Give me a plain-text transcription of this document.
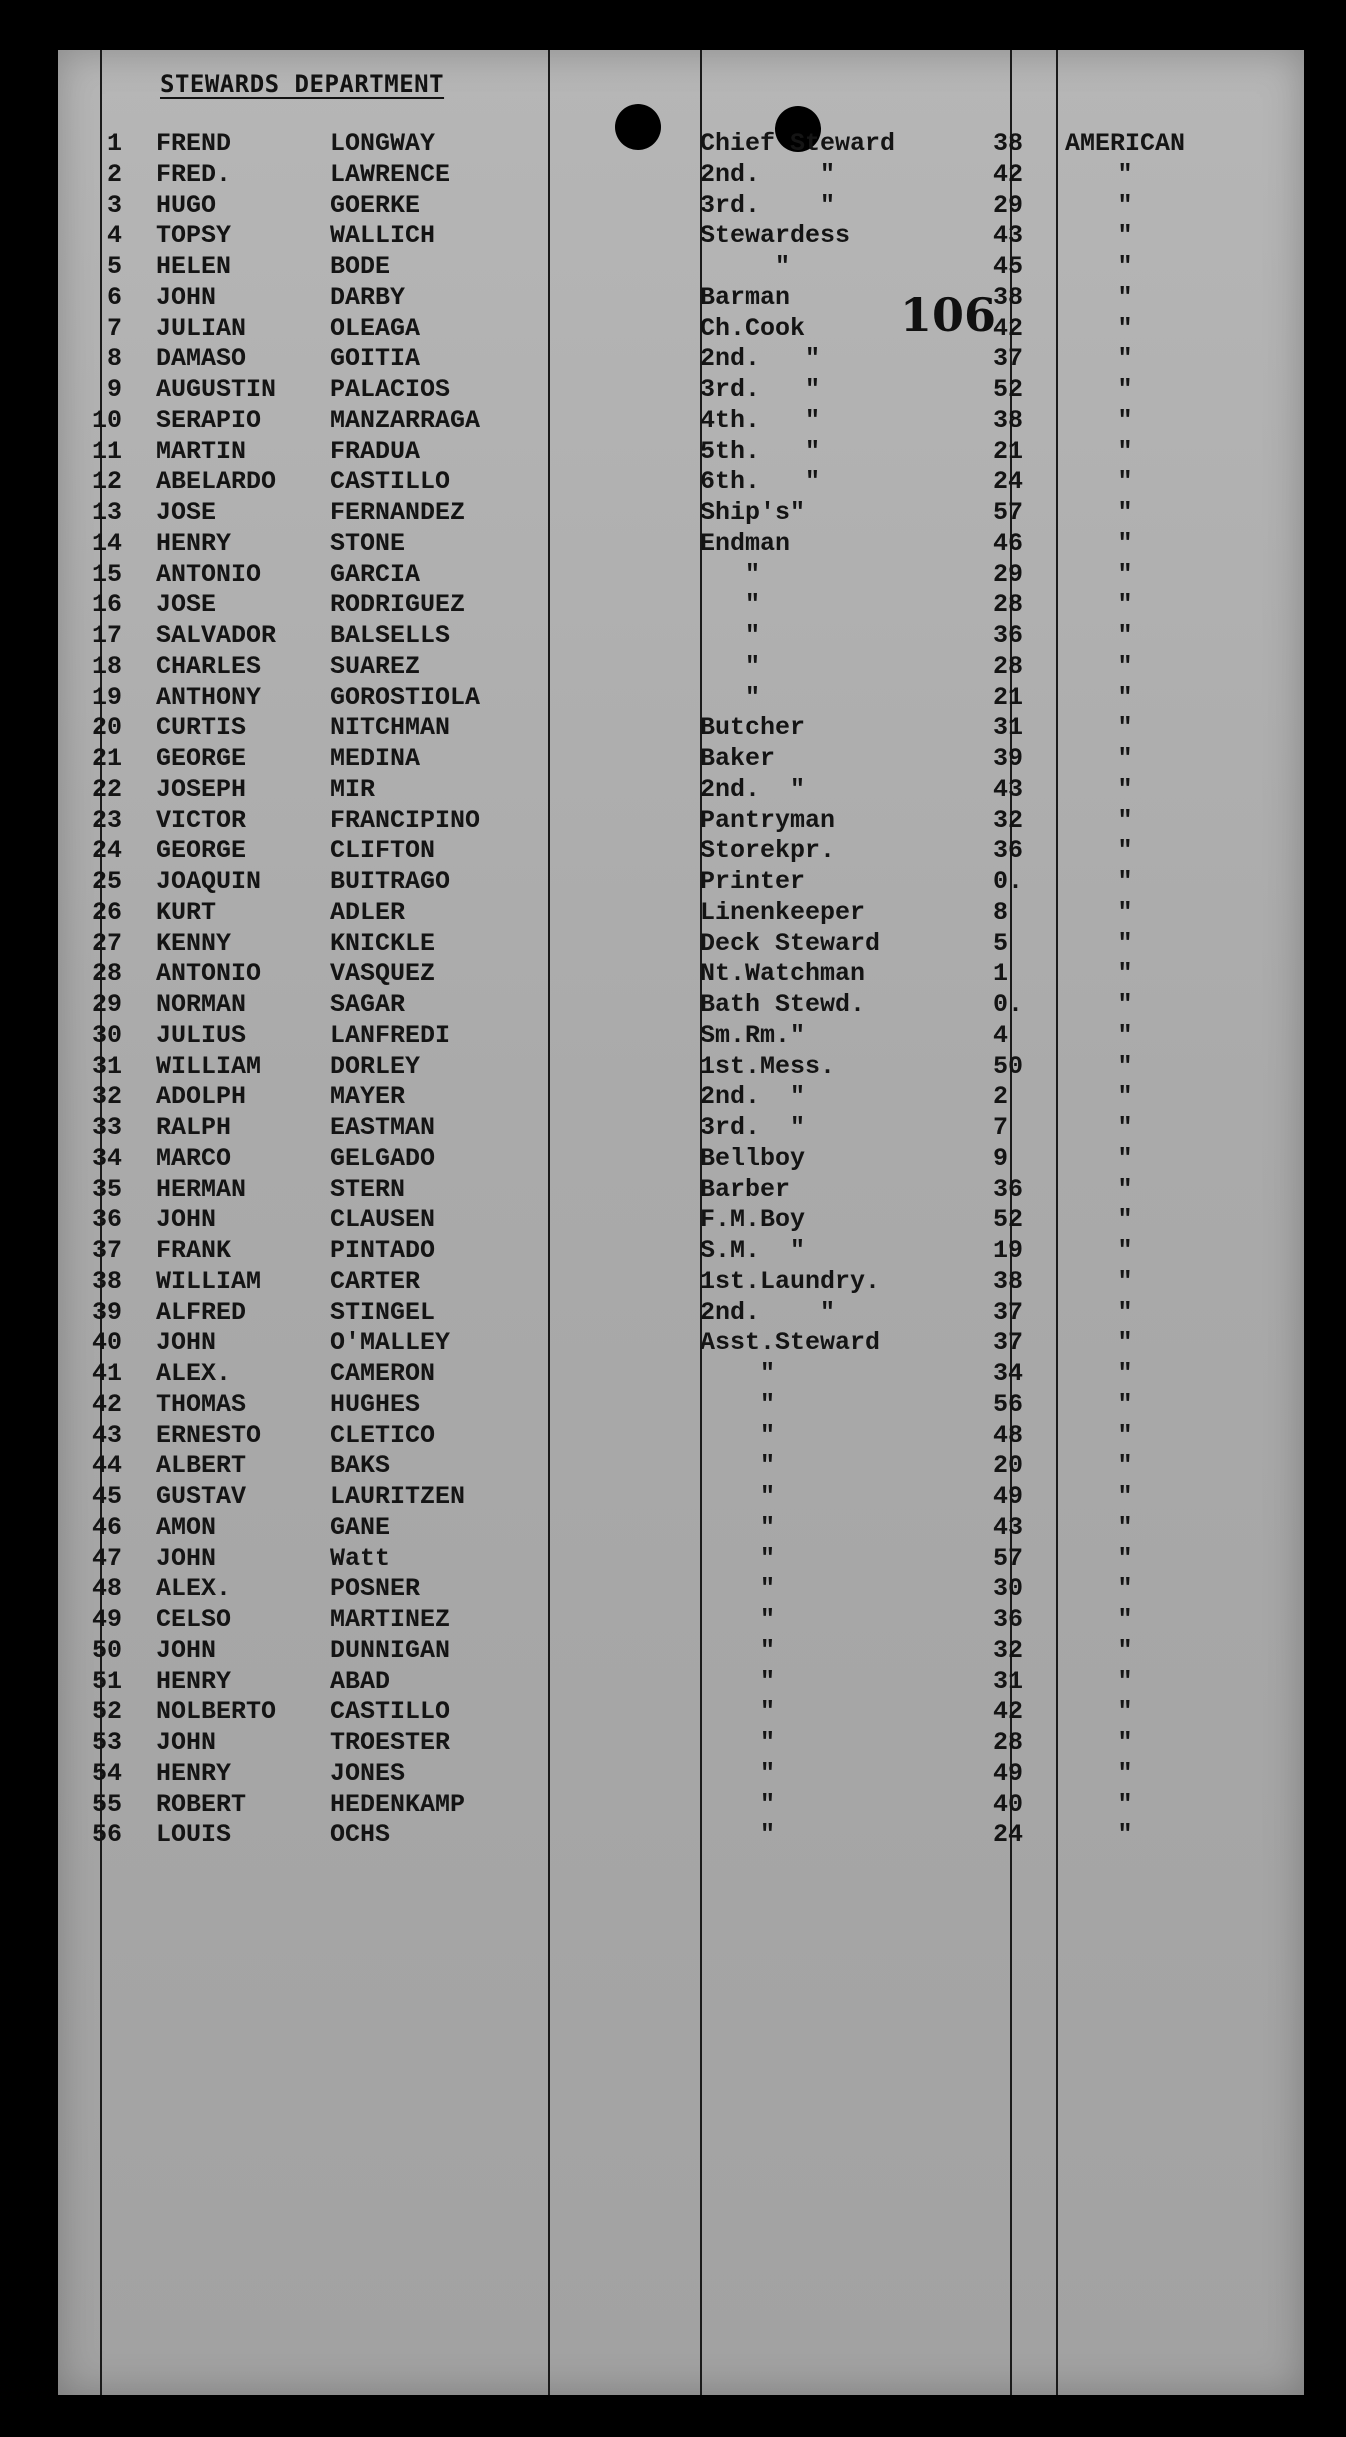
STEWARDS DEPARTMENT
106
1 FREND	LONGWAY	Chief Steward	38 AMERICAN
2 FRED.	LAWRENCE	2nd.    "	42	"
3 HUGO	GOERKE	3rd.    "	29	"
4 TOPSY	WALLICH	Stewardess	43	"
5 HELEN	BODE	"	45	"
6 JOHN	DARBY	Barman	38	"
7 JULIAN	OLEAGA	Ch.Cook	42	"
8 DAMASO	GOITIA	2nd.   "	37	"
9 AUGUSTIN PALACIOS	3rd.   "	52	"
10 SERAPIO	MANZARRAGA	4th.   "	38	"
11 MARTIN	FRADUA	5th.   "	21	"
12 ABELARDO CASTILLO	6th.   "	24	"
13 JOSE	FERNANDEZ	Ship's"	57	"
14 HENRY	STONE	Endman	46	"
15 ANTONIO	GARCIA	"	29	"
16 JOSE	RODRIGUEZ	"	28	"
17 SALVADOR BALSELLS	"	36	"
18 CHARLES	SUAREZ	"	28	"
19 ANTHONY	GOROSTIOLA	"	21	"
20 CURTIS	NITCHMAN	Butcher	31	"
21 GEORGE	MEDINA	Baker	39	"
22 JOSEPH	MIR	2nd.  "	43	"
23 VICTOR	FRANCIPINO	Pantryman	32	"
24 GEORGE	CLIFTON	Storekpr.	36	"
25 JOAQUIN	BUITRAGO	Printer	0.	"
26 KURT	ADLER	Linenkeeper	8	"
27 KENNY	KNICKLE	Deck Steward	5	"
28 ANTONIO	VASQUEZ	Nt.Watchman	1	"
29 NORMAN	SAGAR	Bath Stewd.	0.	"
30 JULIUS	LANFREDI	Sm.Rm."	4	"
31 WILLIAM	DORLEY	1st.Mess.	50	"
32 ADOLPH	MAYER	2nd.  "	2	"
33 RALPH	EASTMAN	3rd.  "	7	"
34 MARCO	GELGADO	Bellboy	9	"
35 HERMAN	STERN	Barber	36	"
36 JOHN	CLAUSEN	F.M.Boy	52	"
37 FRANK	PINTADO	S.M.  "	19	"
38 WILLIAM	CARTER	1st.Laundry.	38	"
39 ALFRED	STINGEL	2nd.    "	37	"
40 JOHN	O'MALLEY	Asst.Steward	37	"
41 ALEX.	CAMERON	"	34	"
42 THOMAS	HUGHES	"	56	"
43 ERNESTO	CLETICO	"	48	"
44 ALBERT	BAKS	"	20	"
45 GUSTAV	LAURITZEN	"	49	"
46 AMON	GANE	"	43	"
47 JOHN	Watt	"	57	"
48 ALEX.	POSNER	"	30	"
49 CELSO	MARTINEZ	"	36	"
50 JOHN	DUNNIGAN	"	32	"
51 HENRY	ABAD	"	31	"
52 NOLBERTO CASTILLO	"	42	"
53 JOHN	TROESTER	"	28	"
54 HENRY	JONES	"	49	"
55 ROBERT	HEDENKAMP	"	40	"
56 LOUIS	OCHS	"	24	"
